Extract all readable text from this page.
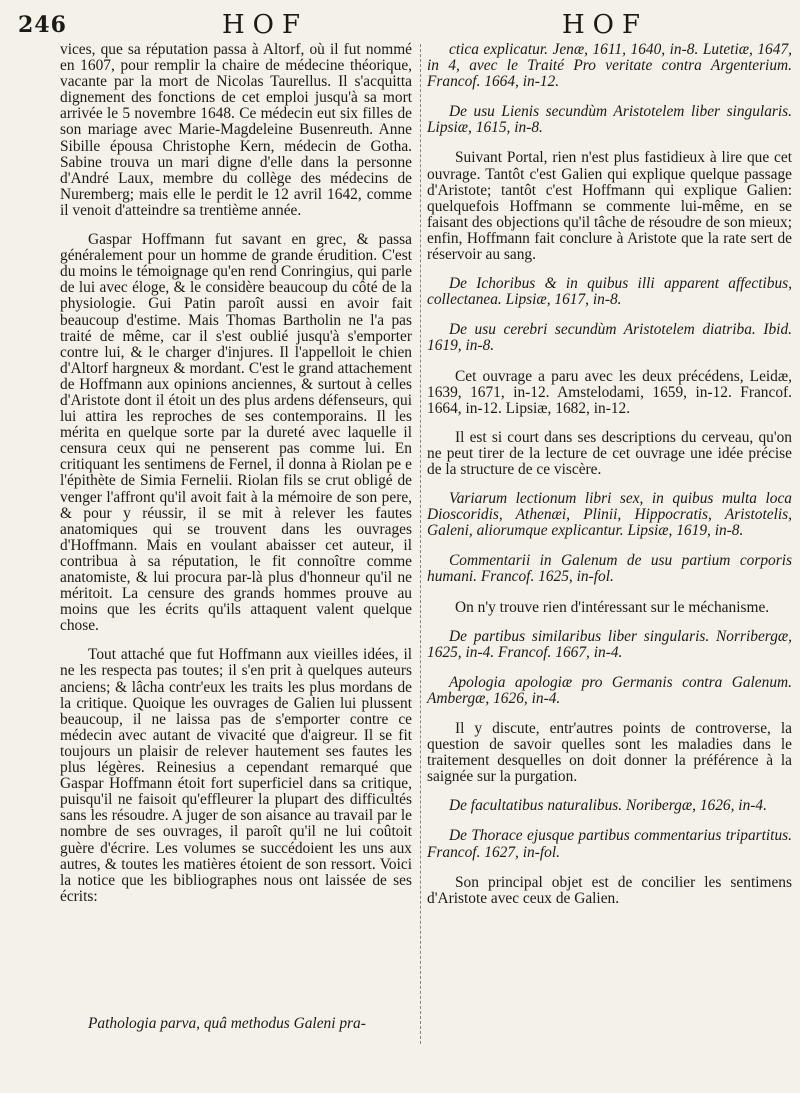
246	HOF	HOF

vices, que sa réputation passa à Altorf, où il fut nommé en 1607, pour remplir la chaire de médecine théorique, vacante par la mort de Nicolas Taurellus. Il s'acquitta dignement des fonctions de cet emploi jusqu'à sa mort arrivée le 5 novembre 1648. Ce médecin eut six filles de son mariage avec Marie-Magdeleine Busenreuth. Anne Sibille épousa Christophe Kern, médecin de Gotha. Sabine trouva un mari digne d'elle dans la personne d'André Laux, membre du collège des médecins de Nuremberg; mais elle le perdit le 12 avril 1642, comme il venoit d'atteindre sa trentième année.

Gaspar Hoffmann fut savant en grec, & passa généralement pour un homme de grande érudition. C'est du moins le témoignage qu'en rend Conringius, qui parle de lui avec éloge, & le considère beaucoup du côté de la physiologie. Gui Patin paroît aussi en avoir fait beaucoup d'estime. Mais Thomas Bartholin ne l'a pas traité de même, car il s'est oublié jusqu'à s'emporter contre lui, & le charger d'injures. Il l'appelloit le chien d'Altorf hargneux & mordant. C'est le grand attachement de Hoffmann aux opinions anciennes, & surtout à celles d'Aristote dont il étoit un des plus ardens défenseurs, qui lui attira les reproches de ses contemporains. Il les mérita en quelque sorte par la dureté avec laquelle il censura ceux qui ne penserent pas comme lui. En critiquant les sentimens de Fernel, il donna à Riolan pe e l'épithète de Simia Fernelii. Riolan fils se crut obligé de venger l'affront qu'il avoit fait à la mémoire de son pere, & pour y réussir, il se mit à relever les fautes anatomiques qui se trouvent dans les ouvrages d'Hoffmann. Mais en voulant abaisser cet auteur, il contribua à sa réputation, le fit connoître comme anatomiste, & lui procura par-là plus d'honneur qu'il ne méritoit. La censure des grands hommes prouve au moins que les écrits qu'ils attaquent valent quelque chose.

Tout attaché que fut Hoffmann aux vieilles idées, il ne les respecta pas toutes; il s'en prit à quelques auteurs anciens; & lâcha contr'eux les traits les plus mordans de la critique. Quoique les ouvrages de Galien lui plussent beaucoup, il ne laissa pas de s'emporter contre ce médecin avec autant de vivacité que d'aigreur. Il se fit toujours un plaisir de relever hautement ses fautes les plus légères. Reinesius a cependant remarqué que Gaspar Hoffmann étoit fort superficiel dans sa critique, puisqu'il ne faisoit qu'effleurer la plupart des difficultés sans les résoudre. A juger de son aisance au travail par le nombre de ses ouvrages, il paroît qu'il ne lui coûtoit guère d'écrire. Les volumes se succédoient les uns aux autres, & toutes les matières étoient de son ressort. Voici la notice que les bibliographes nous ont laissée de ses écrits:

Pathologia parva, quâ methodus Galeni pra-

ctica explicatur. Jenæ, 1611, 1640, in-8. Lutetiæ, 1647, in 4, avec le Traité Pro veritate contra Argenterium. Francof. 1664, in-12.

De usu Lienis secundùm Aristotelem liber singularis. Lipsiæ, 1615, in-8.

Suivant Portal, rien n'est plus fastidieux à lire que cet ouvrage. Tantôt c'est Galien qui explique quelque passage d'Aristote; tantôt c'est Hoffmann qui explique Galien: quelquefois Hoffmann se commente lui-même, en se faisant des objections qu'il tâche de résoudre de son mieux; enfin, Hoffmann fait conclure à Aristote que la rate sert de réservoir au sang.

De Ichoribus & in quibus illi apparent affectibus, collectanea. Lipsiæ, 1617, in-8.

De usu cerebri secundùm Aristotelem diatriba. Ibid. 1619, in-8.

Cet ouvrage a paru avec les deux précédens, Leidæ, 1639, 1671, in-12. Amstelodami, 1659, in-12. Francof. 1664, in-12. Lipsiæ, 1682, in-12.

Il est si court dans ses descriptions du cerveau, qu'on ne peut tirer de la lecture de cet ouvrage une idée précise de la structure de ce viscère.

Variarum lectionum libri sex, in quibus multa loca Dioscoridis, Athenæi, Plinii, Hippocratis, Aristotelis, Galeni, aliorumque explicantur. Lipsiæ, 1619, in-8.

Commentarii in Galenum de usu partium corporis humani. Francof. 1625, in-fol.

On n'y trouve rien d'intéressant sur le méchanisme.

De partibus similaribus liber singularis. Norribergæ, 1625, in-4. Francof. 1667, in-4.

Apologia apologiæ pro Germanis contra Galenum. Ambergæ, 1626, in-4.

Il y discute, entr'autres points de controverse, la question de savoir quelles sont les maladies dans le traitement desquelles on doit donner la préférence à la saignée sur la purgation.

De facultatibus naturalibus. Noribergæ, 1626, in-4.

De Thorace ejusque partibus commentarius tripartitus. Francof. 1627, in-fol.

Son principal objet est de concilier les sentimens d'Aristote avec ceux de Galien.
